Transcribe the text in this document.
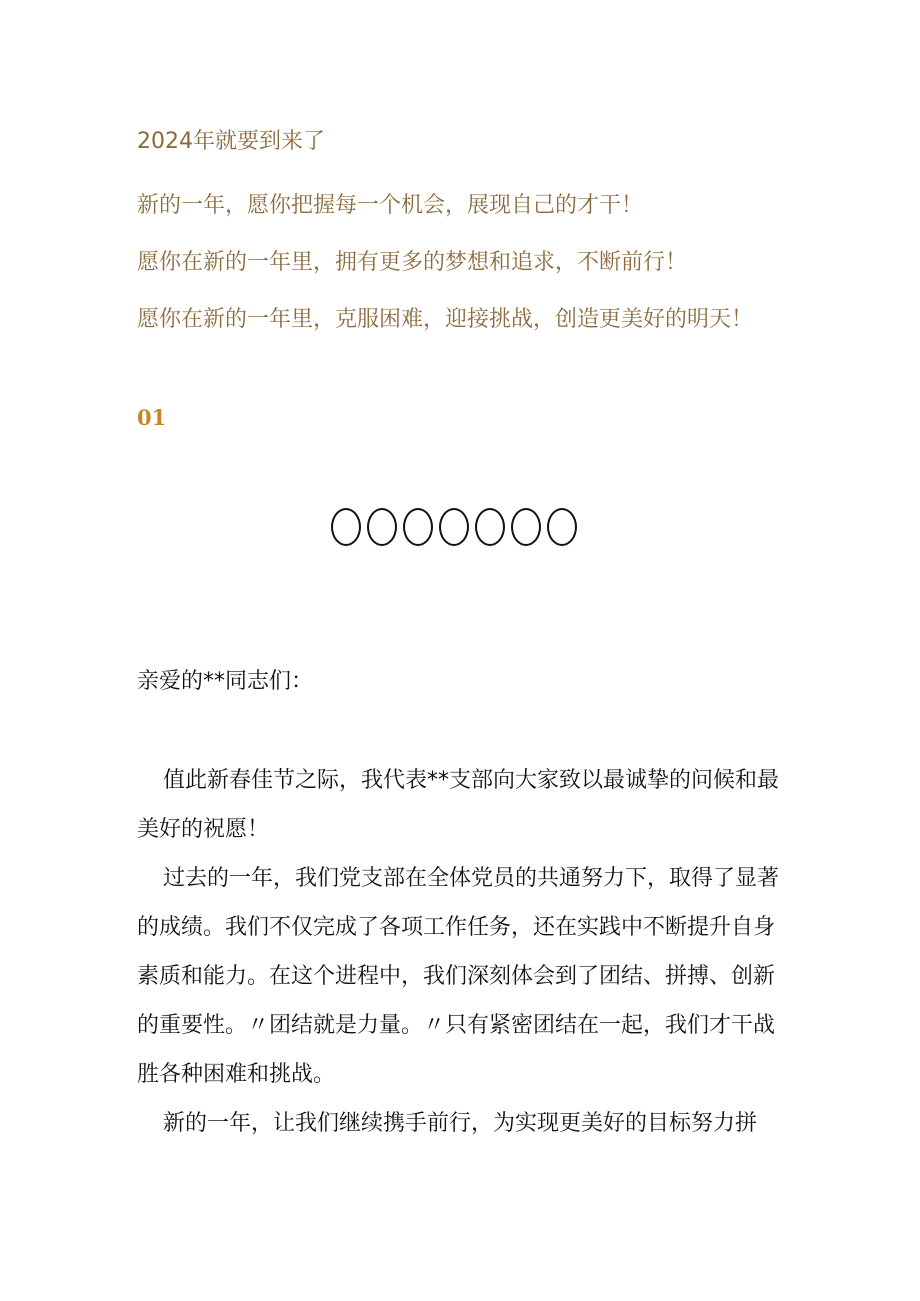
2024年就要到来了

新的一年，愿你把握每一个机会，展现自己的才干！

愿你在新的一年里，拥有更多的梦想和追求，不断前行！

愿你在新的一年里，克服困难，迎接挑战，创造更美好的明天！

01

亲爱的**同志们：

值此新春佳节之际，我代表**支部向大家致以最诚挚的问候和最美好的祝愿！

过去的一年，我们党支部在全体党员的共通努力下，取得了显著的成绩。我们不仅完成了各项工作任务，还在实践中不断提升自身素质和能力。在这个进程中，我们深刻体会到了团结、拼搏、创新的重要性。〃团结就是力量。〃只有紧密团结在一起，我们才干战胜各种困难和挑战。

新的一年，让我们继续携手前行，为实现更美好的目标努力拼
